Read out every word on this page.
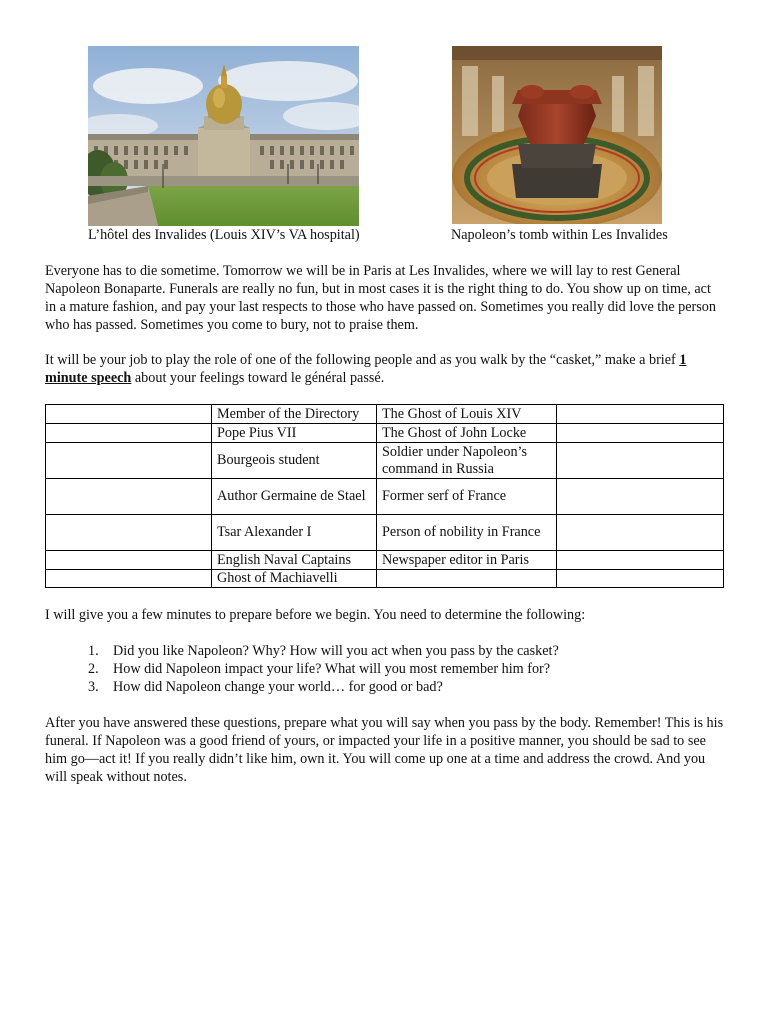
L’hôtel des Invalides (Louis XIV’s VA hospital)	Napoleon’s tomb within Les Invalides

Everyone has to die sometime. Tomorrow we will be in Paris at Les Invalides, where we will lay to rest General Napoleon Bonaparte. Funerals are really no fun, but in most cases it is the right thing to do. You show up on time, act in a mature fashion, and pay your last respects to those who have passed on. Sometimes you really did love the person who has passed. Sometimes you come to bury, not to praise them.

It will be your job to play the role of one of the following people and as you walk by the “casket,” make a brief 1 minute speech about your feelings toward le général passé.

	Member of the Directory	The Ghost of Louis XIV	
	Pope Pius VII	The Ghost of John Locke	
	Bourgeois student	Soldier under Napoleon’s command in Russia	
	Author Germaine de Stael	Former serf of France	
	Tsar Alexander I	Person of nobility in France	
	English Naval Captains	Newspaper editor in Paris	
	Ghost of Machiavelli		

I will give you a few minutes to prepare before we begin. You need to determine the following:

1. Did you like Napoleon? Why? How will you act when you pass by the casket?
2. How did Napoleon impact your life? What will you most remember him for?
3. How did Napoleon change your world… for good or bad?

After you have answered these questions, prepare what you will say when you pass by the body. Remember! This is his funeral. If Napoleon was a good friend of yours, or impacted your life in a positive manner, you should be sad to see him go—act it! If you really didn’t like him, own it. You will come up one at a time and address the crowd. And you will speak without notes.
